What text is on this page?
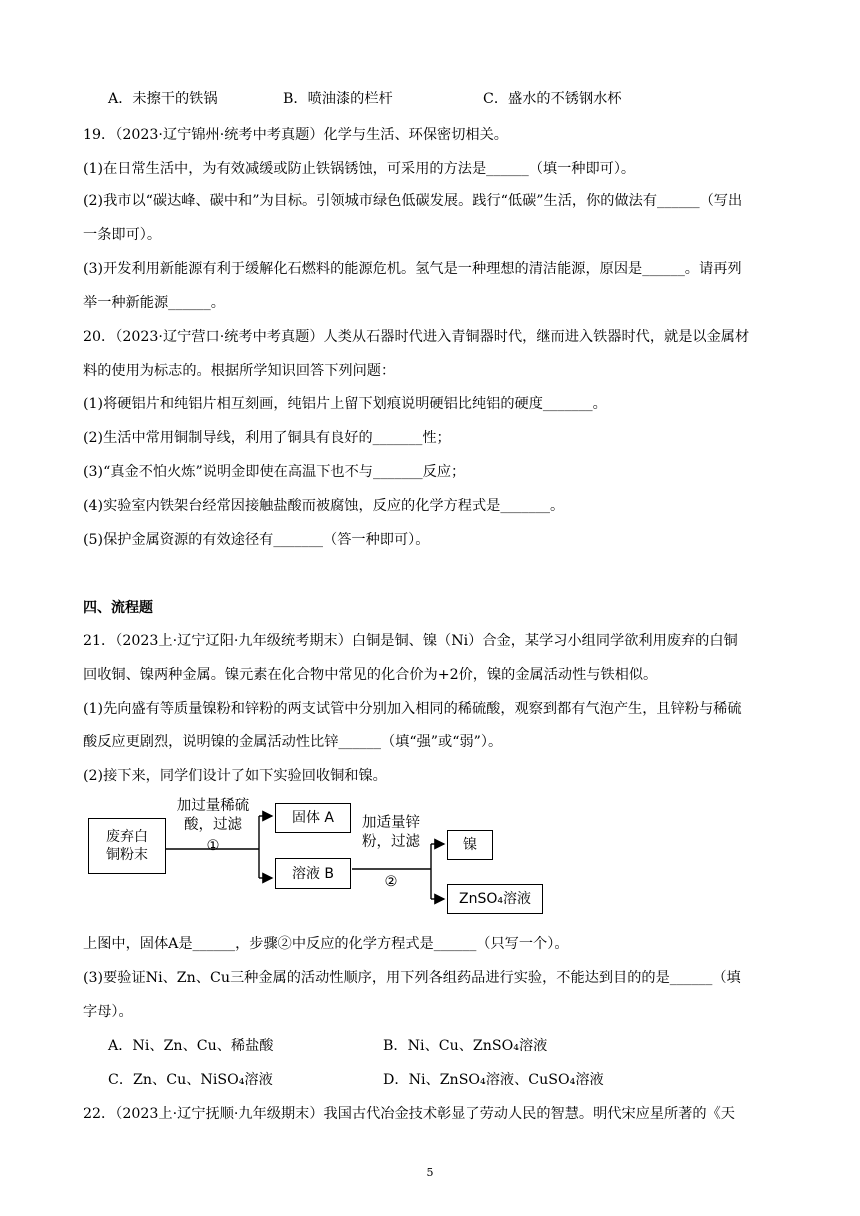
A．未擦干的铁锅	B．喷油漆的栏杆	C．盛水的不锈钢水杯
19．（2023·辽宁锦州·统考中考真题）化学与生活、环保密切相关。
(1)在日常生活中，为有效减缓或防止铁锅锈蚀，可采用的方法是______（填一种即可）。
(2)我市以“碳达峰、碳中和”为目标。引领城市绿色低碳发展。践行“低碳”生活，你的做法有______（写出
一条即可）。
(3)开发利用新能源有利于缓解化石燃料的能源危机。氢气是一种理想的清洁能源，原因是______。请再列
举一种新能源______。
20．（2023·辽宁营口·统考中考真题）人类从石器时代进入青铜器时代，继而进入铁器时代，就是以金属材
料的使用为标志的。根据所学知识回答下列问题：
(1)将硬铝片和纯铝片相互刻画，纯铝片上留下划痕说明硬铝比纯铝的硬度_______。
(2)生活中常用铜制导线，利用了铜具有良好的_______性；
(3)“真金不怕火炼”说明金即使在高温下也不与_______反应；
(4)实验室内铁架台经常因接触盐酸而被腐蚀，反应的化学方程式是_______。
(5)保护金属资源的有效途径有_______（答一种即可）。
四、流程题
21．（2023上·辽宁辽阳·九年级统考期末）白铜是铜、镍（Ni）合金，某学习小组同学欲利用废弃的白铜
回收铜、镍两种金属。镍元素在化合物中常见的化合价为+2价，镍的金属活动性与铁相似。
(1)先向盛有等质量镍粉和锌粉的两支试管中分别加入相同的稀硫酸，观察到都有气泡产生，且锌粉与稀硫
酸反应更剧烈，说明镍的金属活动性比锌______（填“强”或“弱”）。
(2)接下来，同学们设计了如下实验回收铜和镍。
废弃白
铜粉末
加过量稀硫
酸，过滤
①
固体 A
溶液 B
加适量锌
粉，过滤
②
镍
ZnSO₄溶液
上图中，固体A是______，步骤②中反应的化学方程式是______（只写一个）。
(3)要验证Ni、Zn、Cu三种金属的活动性顺序，用下列各组药品进行实验，不能达到目的的是______（填
字母）。
A．Ni、Zn、Cu、稀盐酸	B．Ni、Cu、ZnSO₄溶液
C．Zn、Cu、NiSO₄溶液	D．Ni、ZnSO₄溶液、CuSO₄溶液
22．（2023上·辽宁抚顺·九年级期末）我国古代冶金技术彰显了劳动人民的智慧。明代宋应星所著的《天
5
